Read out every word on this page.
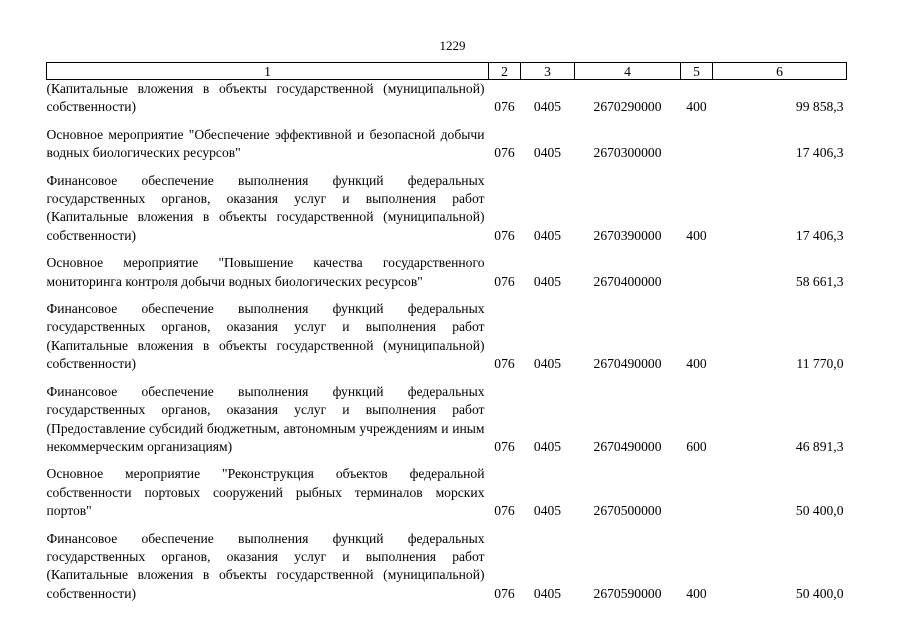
1229
1	2	3	4	5	6
(Капитальные вложения в объекты государственной (муниципальной) собственности)	076	0405	2670290000	400	99 858,3
Основное мероприятие "Обеспечение эффективной и безопасной добычи водных биологических ресурсов"	076	0405	2670300000		17 406,3
Финансовое обеспечение выполнения функций федеральных государственных органов, оказания услуг и выполнения работ (Капитальные вложения в объекты государственной (муниципальной) собственности)	076	0405	2670390000	400	17 406,3
Основное мероприятие "Повышение качества государственного мониторинга контроля добычи водных биологических ресурсов"	076	0405	2670400000		58 661,3
Финансовое обеспечение выполнения функций федеральных государственных органов, оказания услуг и выполнения работ (Капитальные вложения в объекты государственной (муниципальной) собственности)	076	0405	2670490000	400	11 770,0
Финансовое обеспечение выполнения функций федеральных государственных органов, оказания услуг и выполнения работ (Предоставление субсидий бюджетным, автономным учреждениям и иным некоммерческим организациям)	076	0405	2670490000	600	46 891,3
Основное мероприятие "Реконструкция объектов федеральной собственности портовых сооружений рыбных терминалов морских портов"	076	0405	2670500000		50 400,0
Финансовое обеспечение выполнения функций федеральных государственных органов, оказания услуг и выполнения работ (Капитальные вложения в объекты государственной (муниципальной) собственности)	076	0405	2670590000	400	50 400,0
